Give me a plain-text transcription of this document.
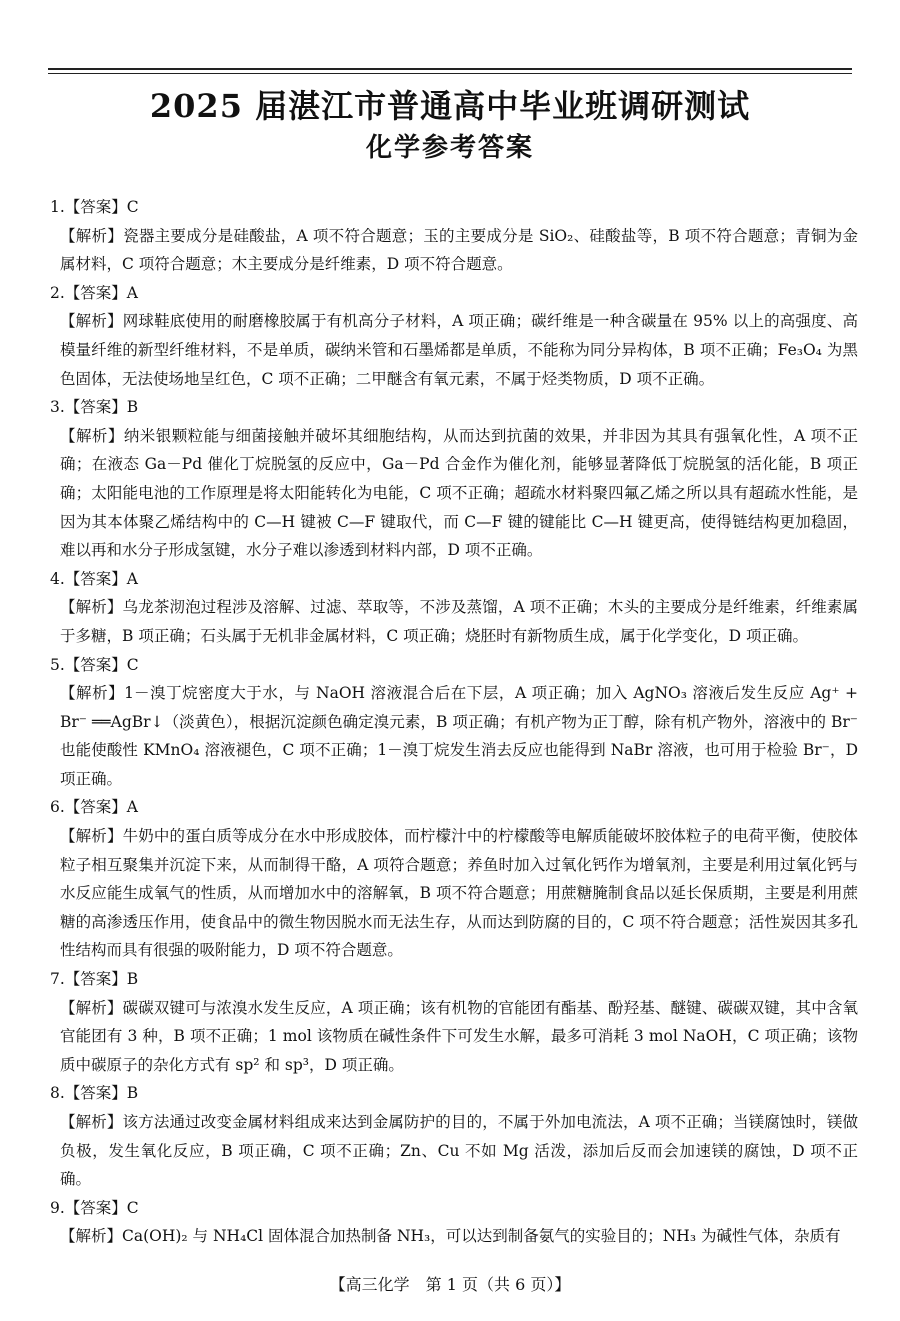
2025 届湛江市普通高中毕业班调研测试
化学参考答案
1.【答案】C
【解析】瓷器主要成分是硅酸盐，A 项不符合题意；玉的主要成分是 SiO₂、硅酸盐等，B 项不符合题意；青铜为金属材料，C 项符合题意；木主要成分是纤维素，D 项不符合题意。
2.【答案】A
【解析】网球鞋底使用的耐磨橡胶属于有机高分子材料，A 项正确；碳纤维是一种含碳量在 95% 以上的高强度、高模量纤维的新型纤维材料，不是单质，碳纳米管和石墨烯都是单质，不能称为同分异构体，B 项不正确；Fe₃O₄ 为黑色固体，无法使场地呈红色，C 项不正确；二甲醚含有氧元素，不属于烃类物质，D 项不正确。
3.【答案】B
【解析】纳米银颗粒能与细菌接触并破坏其细胞结构，从而达到抗菌的效果，并非因为其具有强氧化性，A 项不正确；在液态 Ga－Pd 催化丁烷脱氢的反应中，Ga－Pd 合金作为催化剂，能够显著降低丁烷脱氢的活化能，B 项正确；太阳能电池的工作原理是将太阳能转化为电能，C 项不正确；超疏水材料聚四氟乙烯之所以具有超疏水性能，是因为其本体聚乙烯结构中的 C—H 键被 C—F 键取代，而 C—F 键的键能比 C—H 键更高，使得链结构更加稳固，难以再和水分子形成氢键，水分子难以渗透到材料内部，D 项不正确。
4.【答案】A
【解析】乌龙茶沏泡过程涉及溶解、过滤、萃取等，不涉及蒸馏，A 项不正确；木头的主要成分是纤维素，纤维素属于多糖，B 项正确；石头属于无机非金属材料，C 项正确；烧胚时有新物质生成，属于化学变化，D 项正确。
5.【答案】C
【解析】1－溴丁烷密度大于水，与 NaOH 溶液混合后在下层，A 项正确；加入 AgNO₃ 溶液后发生反应 Ag⁺ + Br⁻ ══AgBr↓（淡黄色），根据沉淀颜色确定溴元素，B 项正确；有机产物为正丁醇，除有机产物外，溶液中的 Br⁻ 也能使酸性 KMnO₄ 溶液褪色，C 项不正确；1－溴丁烷发生消去反应也能得到 NaBr 溶液，也可用于检验 Br⁻，D 项正确。
6.【答案】A
【解析】牛奶中的蛋白质等成分在水中形成胶体，而柠檬汁中的柠檬酸等电解质能破坏胶体粒子的电荷平衡，使胶体粒子相互聚集并沉淀下来，从而制得干酪，A 项符合题意；养鱼时加入过氧化钙作为增氧剂，主要是利用过氧化钙与水反应能生成氧气的性质，从而增加水中的溶解氧，B 项不符合题意；用蔗糖腌制食品以延长保质期，主要是利用蔗糖的高渗透压作用，使食品中的微生物因脱水而无法生存，从而达到防腐的目的，C 项不符合题意；活性炭因其多孔性结构而具有很强的吸附能力，D 项不符合题意。
7.【答案】B
【解析】碳碳双键可与浓溴水发生反应，A 项正确；该有机物的官能团有酯基、酚羟基、醚键、碳碳双键，其中含氧官能团有 3 种，B 项不正确；1 mol 该物质在碱性条件下可发生水解，最多可消耗 3 mol NaOH，C 项正确；该物质中碳原子的杂化方式有 sp² 和 sp³，D 项正确。
8.【答案】B
【解析】该方法通过改变金属材料组成来达到金属防护的目的，不属于外加电流法，A 项不正确；当镁腐蚀时，镁做负极，发生氧化反应，B 项正确，C 项不正确；Zn、Cu 不如 Mg 活泼，添加后反而会加速镁的腐蚀，D 项不正确。
9.【答案】C
【解析】Ca(OH)₂ 与 NH₄Cl 固体混合加热制备 NH₃，可以达到制备氨气的实验目的；NH₃ 为碱性气体，杂质有
【高三化学　第 1 页（共 6 页）】
